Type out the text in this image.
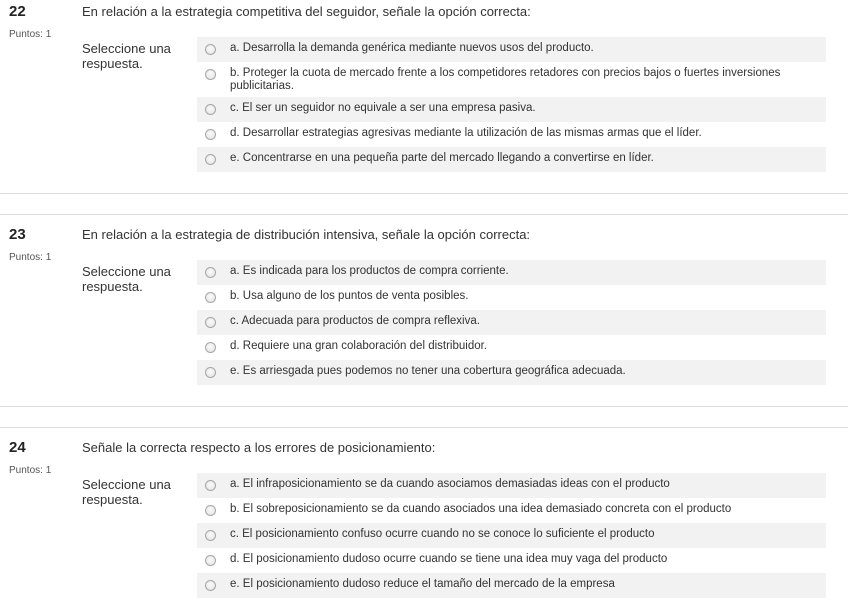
22
Puntos: 1
En relación a la estrategia competitiva del seguidor, señale la opción correcta:
Seleccione una respuesta.
a. Desarrolla la demanda genérica mediante nuevos usos del producto.
b. Proteger la cuota de mercado frente a los competidores retadores con precios bajos o fuertes inversiones publicitarias.
c. El ser un seguidor no equivale a ser una empresa pasiva.
d. Desarrollar estrategias agresivas mediante la utilización de las mismas armas que el líder.
e. Concentrarse en una pequeña parte del mercado llegando a convertirse en líder.
23
Puntos: 1
En relación a la estrategia de distribución intensiva, señale la opción correcta:
Seleccione una respuesta.
a. Es indicada para los productos de compra corriente.
b. Usa alguno de los puntos de venta posibles.
c. Adecuada para productos de compra reflexiva.
d. Requiere una gran colaboración del distribuidor.
e. Es arriesgada pues podemos no tener una cobertura geográfica adecuada.
24
Puntos: 1
Señale la correcta respecto a los errores de posicionamiento:
Seleccione una respuesta.
a. El infraposicionamiento se da cuando asociamos demasiadas ideas con el producto
b. El sobreposicionamiento se da cuando asociados una idea demasiado concreta con el producto
c. El posicionamiento confuso ocurre cuando no se conoce lo suficiente el producto
d. El posicionamiento dudoso ocurre cuando se tiene una idea muy vaga del producto
e. El posicionamiento dudoso reduce el tamaño del mercado de la empresa
